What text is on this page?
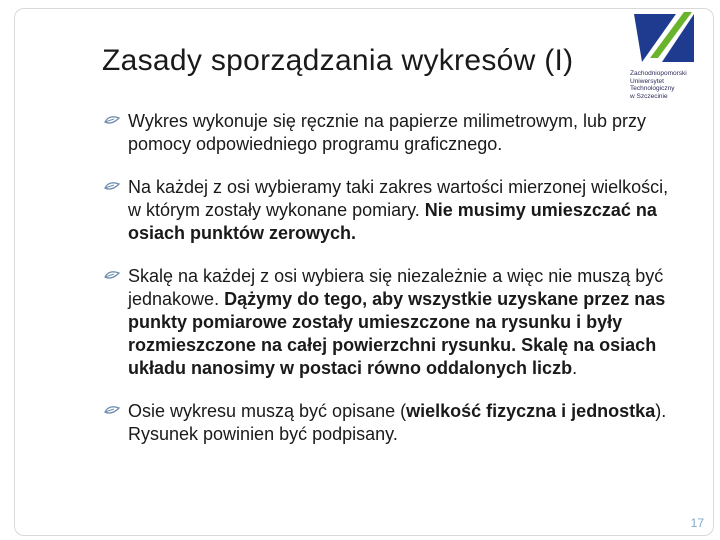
Zasady sporządzania wykresów (I)	Zachodniopomorski
Uniwersytet
Technologiczny
w Szczecinie
Wykres wykonuje się ręcznie na papierze milimetrowym, lub przy pomocy odpowiedniego programu graficznego.
Na każdej z osi wybieramy taki zakres wartości mierzonej wielkości, w którym zostały wykonane pomiary. Nie musimy umieszczać na osiach punktów zerowych.
Skalę na każdej z osi wybiera się niezależnie a więc nie muszą być jednakowe. Dążymy do tego, aby wszystkie uzyskane przez nas punkty pomiarowe zostały umieszczone na rysunku i były rozmieszczone na całej powierzchni rysunku. Skalę na osiach układu nanosimy w postaci równo oddalonych liczb.
Osie wykresu muszą być opisane (wielkość fizyczna i jednostka). Rysunek powinien być podpisany.
17
